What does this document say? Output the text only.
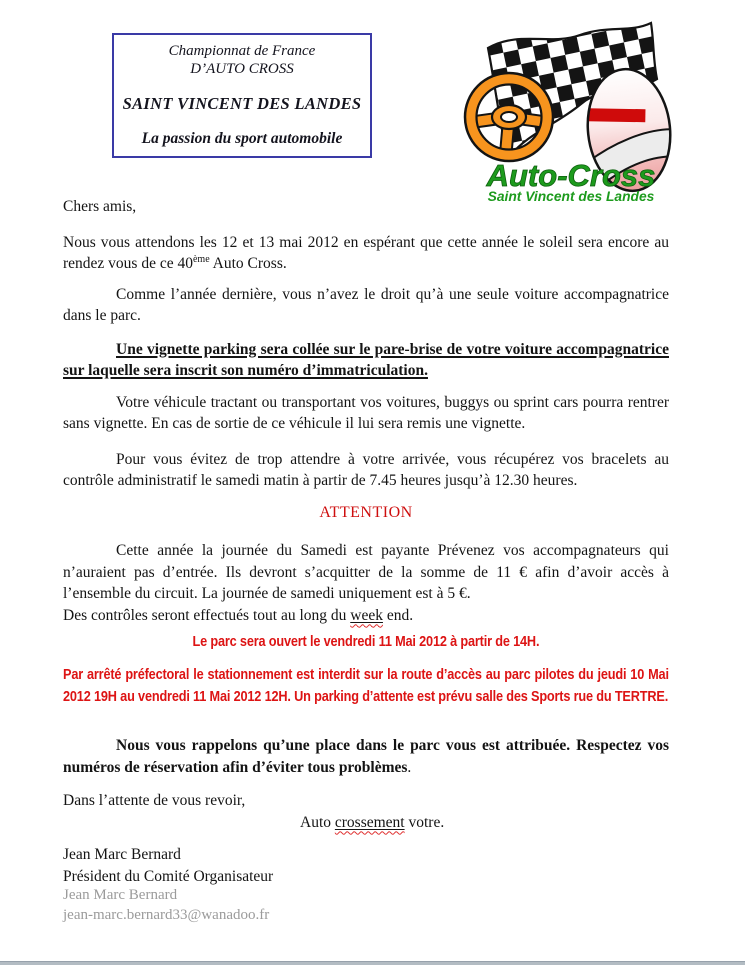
Championnat de France
D’AUTO CROSS
SAINT VINCENT DES LANDES
La passion du sport automobile
Auto-Cross
Saint Vincent des Landes

Chers amis,

Nous vous attendons les 12 et 13 mai 2012 en espérant que cette année le soleil sera encore au rendez vous de ce 40ème Auto Cross.

Comme l’année dernière, vous n’avez le droit qu’à une seule voiture accompagnatrice dans le parc.

Une vignette parking sera collée sur le pare-brise de votre voiture accompagnatrice sur laquelle sera inscrit son numéro d’immatriculation.

Votre véhicule tractant ou transportant vos voitures, buggys ou sprint cars pourra rentrer sans vignette. En cas de sortie de ce véhicule il lui sera remis une vignette.

Pour vous évitez de trop attendre à votre arrivée, vous récupérez vos bracelets au contrôle administratif le samedi matin à partir de 7.45 heures jusqu’à 12.30 heures.

ATTENTION

Cette année la journée du Samedi est payante Prévenez vos accompagnateurs qui n’auraient pas d’entrée. Ils devront s’acquitter de la somme de 11 € afin d’avoir accès à l’ensemble du circuit. La journée de samedi uniquement est à 5 €.

Des contrôles seront effectués tout au long du week end.

Le parc sera ouvert le vendredi 11 Mai 2012 à partir de 14H.

Par arrêté préfectoral le stationnement est interdit sur la route d’accès au parc pilotes du jeudi 10 Mai 2012 19H au vendredi 11 Mai 2012 12H. Un parking d’attente est prévu salle des Sports rue du TERTRE.

Nous vous rappelons qu’une place dans le parc vous est attribuée. Respectez vos numéros de réservation afin d’éviter tous problèmes.

Dans l’attente de vous revoir,

Auto crossement votre.

Jean Marc Bernard

Président du Comité Organisateur

Jean Marc Bernard

jean-marc.bernard33@wanadoo.fr
